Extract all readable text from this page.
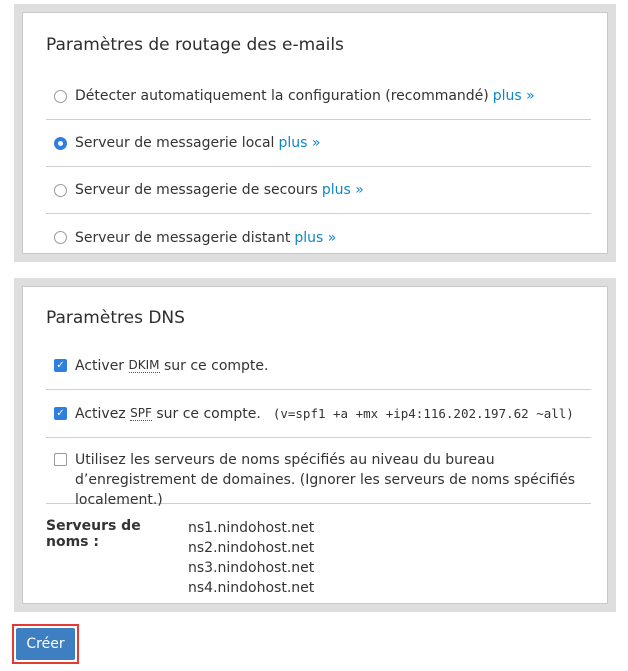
Paramètres de routage des e-mails
Détecter automatiquement la configuration (recommandé) plus »
Serveur de messagerie local plus »
Serveur de messagerie de secours plus »
Serveur de messagerie distant plus »
Paramètres DNS
✓ Activer DKIM sur ce compte.
✓ Activez SPF sur ce compte. (v=spf1 +a +mx +ip4:116.202.197.62 ~all)
Utilisez les serveurs de noms spécifiés au niveau du bureau d’enregistrement de domaines. (Ignorer les serveurs de noms spécifiés localement.)
Serveurs de noms :
ns1.nindohost.net
ns2.nindohost.net
ns3.nindohost.net
ns4.nindohost.net
Créer
